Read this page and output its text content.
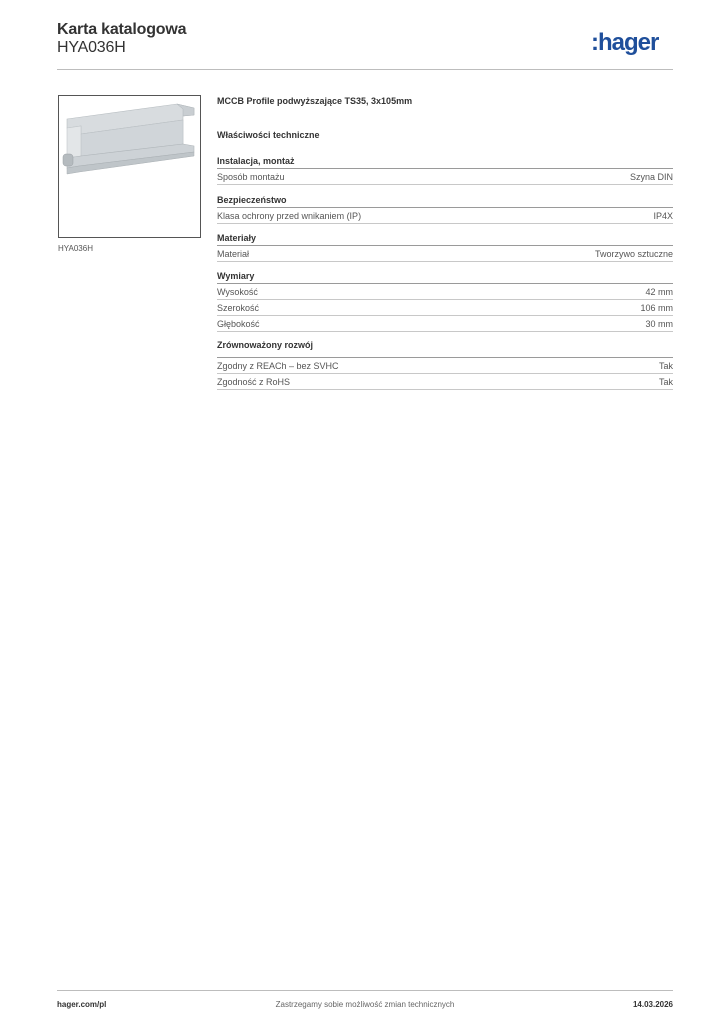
Karta katalogowa
HYA036H	:hager
HYA036H
MCCB Profile podwyższające TS35, 3x105mm
Właściwości techniczne
Instalacja, montaż
Sposób montażu	Szyna DIN
Bezpieczeństwo
Klasa ochrony przed wnikaniem (IP)	IP4X
Materiały
Materiał	Tworzywo sztuczne
Wymiary
Wysokość	42 mm
Szerokość	106 mm
Głębokość	30 mm
Zrównoważony rozwój
Zgodny z REACh – bez SVHC	Tak
Zgodność z RoHS	Tak
hager.com/pl	Zastrzegamy sobie możliwość zmian technicznych	14.03.2026
